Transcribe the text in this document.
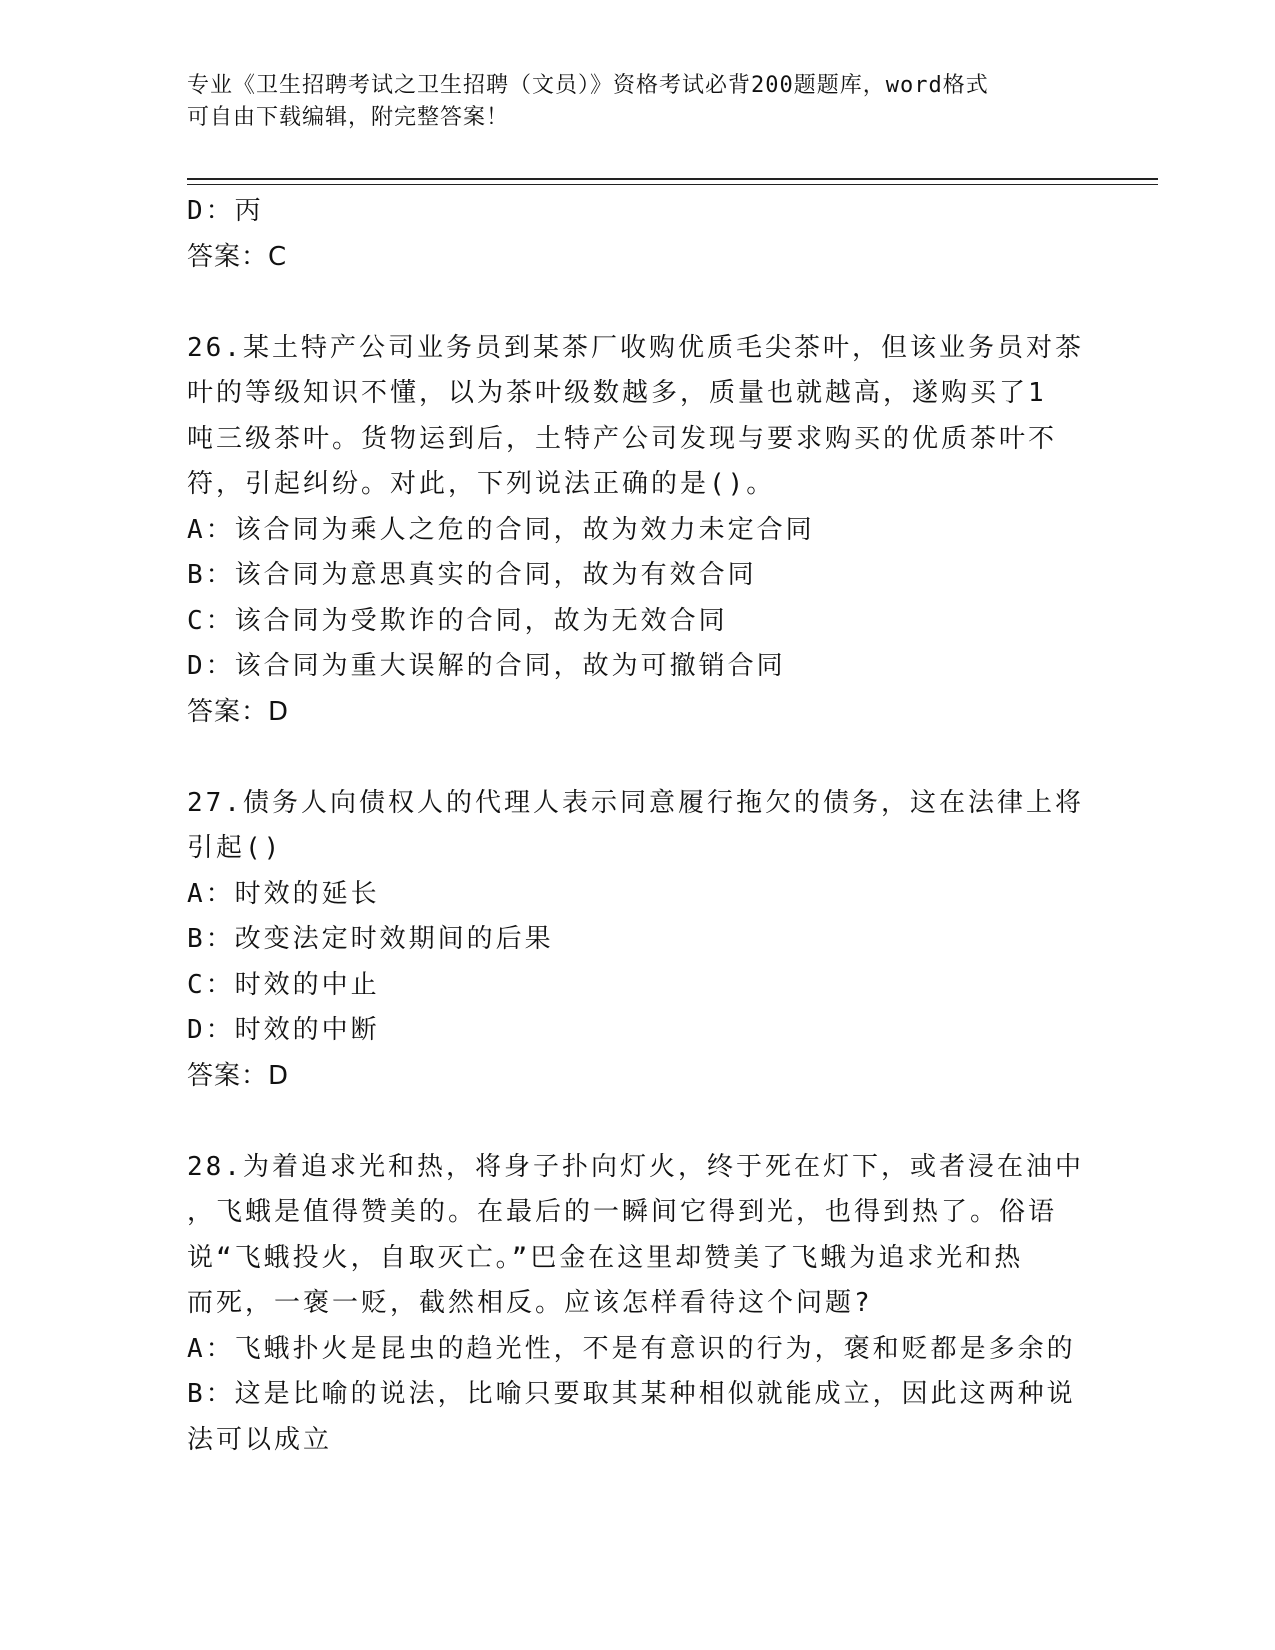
专业《卫生招聘考试之卫生招聘（文员）》资格考试必背200题题库，word格式
可自由下载编辑，附完整答案！
D：丙
答案：C
26.某土特产公司业务员到某茶厂收购优质毛尖茶叶，但该业务员对茶
叶的等级知识不懂，以为茶叶级数越多，质量也就越高，遂购买了1
吨三级茶叶。货物运到后，土特产公司发现与要求购买的优质茶叶不
符，引起纠纷。对此，下列说法正确的是()。
A：该合同为乘人之危的合同，故为效力未定合同
B：该合同为意思真实的合同，故为有效合同
C：该合同为受欺诈的合同，故为无效合同
D：该合同为重大误解的合同，故为可撤销合同
答案：D
27.债务人向债权人的代理人表示同意履行拖欠的债务，这在法律上将
引起()
A：时效的延长
B：改变法定时效期间的后果
C：时效的中止
D：时效的中断
答案：D
28.为着追求光和热，将身子扑向灯火，终于死在灯下，或者浸在油中
，飞蛾是值得赞美的。在最后的一瞬间它得到光，也得到热了。俗语
说“飞蛾投火，自取灭亡。”巴金在这里却赞美了飞蛾为追求光和热
而死，一褒一贬，截然相反。应该怎样看待这个问题?
A：飞蛾扑火是昆虫的趋光性，不是有意识的行为，褒和贬都是多余的
B：这是比喻的说法，比喻只要取其某种相似就能成立，因此这两种说
法可以成立
